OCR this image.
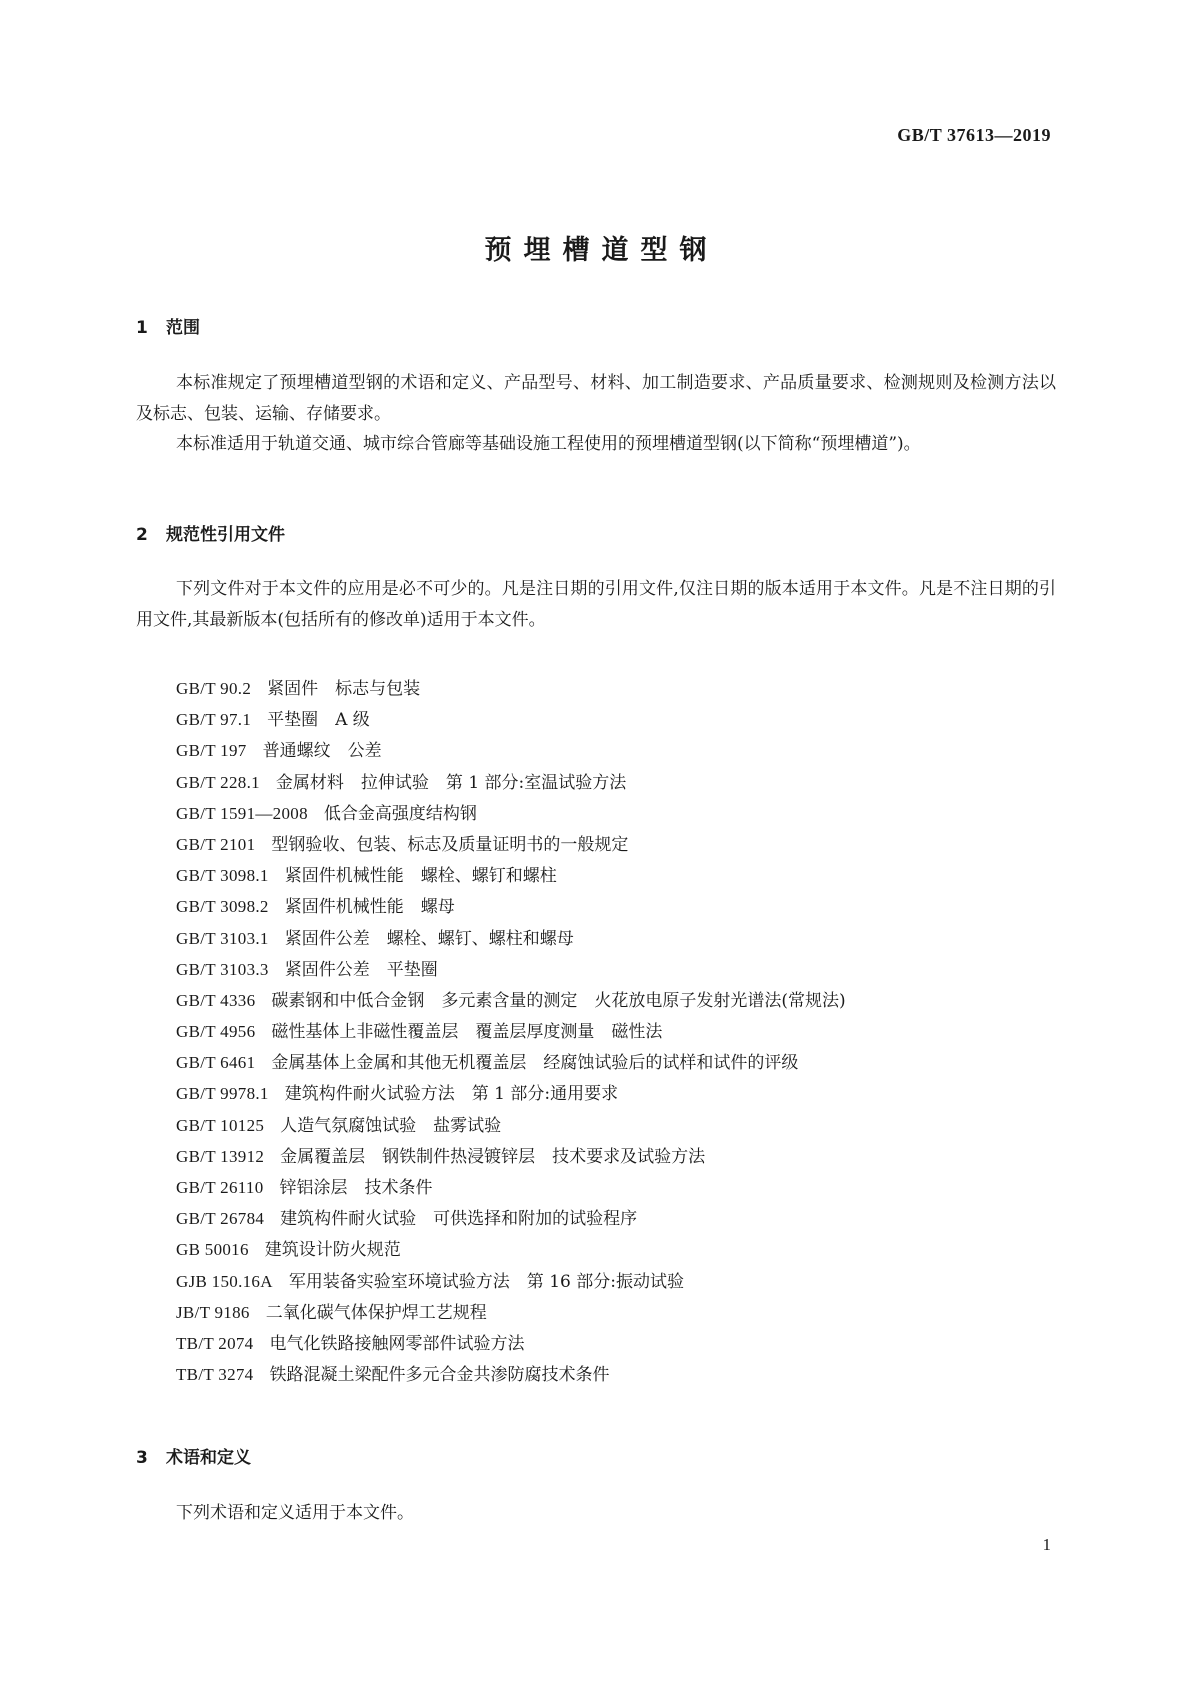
GB/T 37613—2019
预埋槽道型钢
1 范围

本标准规定了预埋槽道型钢的术语和定义、产品型号、材料、加工制造要求、产品质量要求、检测规则及检测方法以及标志、包装、运输、存储要求。

本标准适用于轨道交通、城市综合管廊等基础设施工程使用的预埋槽道型钢(以下简称“预埋槽道”)。

2 规范性引用文件

下列文件对于本文件的应用是必不可少的。凡是注日期的引用文件,仅注日期的版本适用于本文件。凡是不注日期的引用文件,其最新版本(包括所有的修改单)适用于本文件。

GB/T 90.2 紧固件　标志与包装
GB/T 97.1 平垫圈　A 级
GB/T 197 普通螺纹　公差
GB/T 228.1 金属材料　拉伸试验　第 1 部分:室温试验方法
GB/T 1591—2008 低合金高强度结构钢
GB/T 2101 型钢验收、包装、标志及质量证明书的一般规定
GB/T 3098.1 紧固件机械性能　螺栓、螺钉和螺柱
GB/T 3098.2 紧固件机械性能　螺母
GB/T 3103.1 紧固件公差　螺栓、螺钉、螺柱和螺母
GB/T 3103.3 紧固件公差　平垫圈
GB/T 4336 碳素钢和中低合金钢　多元素含量的测定　火花放电原子发射光谱法(常规法)
GB/T 4956 磁性基体上非磁性覆盖层　覆盖层厚度测量　磁性法
GB/T 6461 金属基体上金属和其他无机覆盖层　经腐蚀试验后的试样和试件的评级
GB/T 9978.1 建筑构件耐火试验方法　第 1 部分:通用要求
GB/T 10125 人造气氛腐蚀试验　盐雾试验
GB/T 13912 金属覆盖层　钢铁制件热浸镀锌层　技术要求及试验方法
GB/T 26110 锌铝涂层　技术条件
GB/T 26784 建筑构件耐火试验　可供选择和附加的试验程序
GB 50016 建筑设计防火规范
GJB 150.16A 军用装备实验室环境试验方法　第 16 部分:振动试验
JB/T 9186 二氧化碳气体保护焊工艺规程
TB/T 2074 电气化铁路接触网零部件试验方法
TB/T 3274 铁路混凝土梁配件多元合金共渗防腐技术条件
3 术语和定义

下列术语和定义适用于本文件。

1
